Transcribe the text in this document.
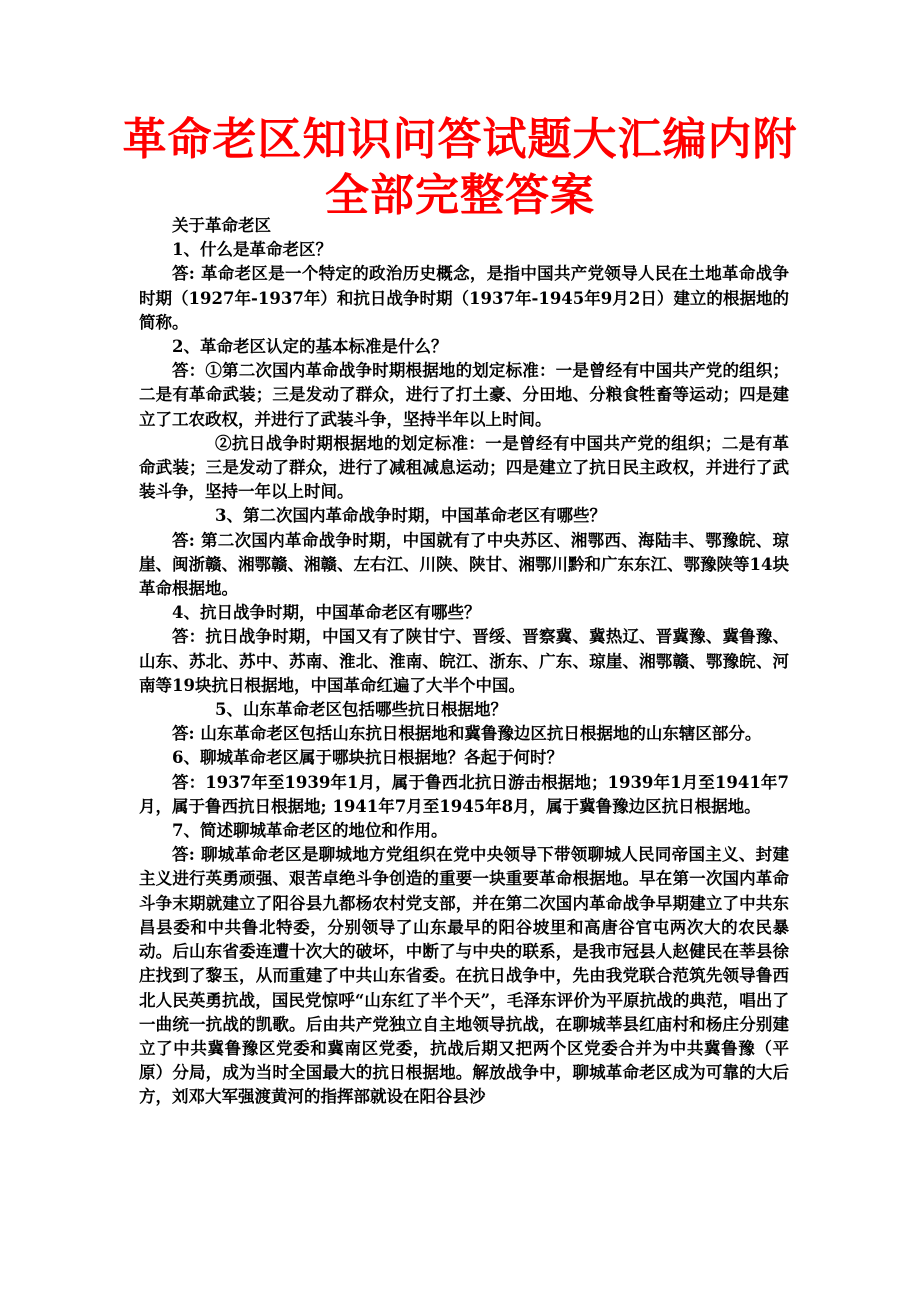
革命老区知识问答试题大汇编内附
全部完整答案

关于革命老区

1、什么是革命老区？

答: 革命老区是一个特定的政治历史概念，是指中国共产党领导人民在土地革命战争时期（1927年-1937年）和抗日战争时期（1937年-1945年9月2日）建立的根据地的简称。

2、革命老区认定的基本标准是什么？

答：①第二次国内革命战争时期根据地的划定标准：一是曾经有中国共产党的组织；二是有革命武装；三是发动了群众，进行了打土豪、分田地、分粮食牲畜等运动；四是建立了工农政权，并进行了武装斗争，坚持半年以上时间。

②抗日战争时期根据地的划定标准：一是曾经有中国共产党的组织；二是有革命武装；三是发动了群众，进行了减租减息运动；四是建立了抗日民主政权，并进行了武装斗争，坚持一年以上时间。

3、第二次国内革命战争时期，中国革命老区有哪些？

答: 第二次国内革命战争时期，中国就有了中央苏区、湘鄂西、海陆丰、鄂豫皖、琼崖、闽浙赣、湘鄂赣、湘赣、左右江、川陕、陕甘、湘鄂川黔和广东东江、鄂豫陕等14块革命根据地。

4、抗日战争时期，中国革命老区有哪些？

答：抗日战争时期，中国又有了陕甘宁、晋绥、晋察冀、冀热辽、晋冀豫、冀鲁豫、山东、苏北、苏中、苏南、淮北、淮南、皖江、浙东、广东、琼崖、湘鄂赣、鄂豫皖、河南等19块抗日根据地，中国革命红遍了大半个中国。

5、山东革命老区包括哪些抗日根据地？

答: 山东革命老区包括山东抗日根据地和冀鲁豫边区抗日根据地的山东辖区部分。

6、聊城革命老区属于哪块抗日根据地？各起于何时？

答：1937年至1939年1月，属于鲁西北抗日游击根据地；1939年1月至1941年7月，属于鲁西抗日根据地; 1941年7月至1945年8月，属于冀鲁豫边区抗日根据地。

7、简述聊城革命老区的地位和作用。

答: 聊城革命老区是聊城地方党组织在党中央领导下带领聊城人民同帝国主义、封建主义进行英勇顽强、艰苦卓绝斗争创造的重要一块重要革命根据地。早在第一次国内革命斗争末期就建立了阳谷县九都杨农村党支部，并在第二次国内革命战争早期建立了中共东昌县委和中共鲁北特委，分别领导了山东最早的阳谷坡里和高唐谷官屯两次大的农民暴动。后山东省委连遭十次大的破坏，中断了与中央的联系，是我市冠县人赵健民在莘县徐庄找到了黎玉，从而重建了中共山东省委。在抗日战争中，先由我党联合范筑先领导鲁西北人民英勇抗战，国民党惊呼“山东红了半个天”，毛泽东评价为平原抗战的典范，唱出了一曲统一抗战的凯歌。后由共产党独立自主地领导抗战，在聊城莘县红庙村和杨庄分别建立了中共冀鲁豫区党委和冀南区党委，抗战后期又把两个区党委合并为中共冀鲁豫（平原）分局，成为当时全国最大的抗日根据地。解放战争中，聊城革命老区成为可靠的大后方，刘邓大军强渡黄河的指挥部就设在阳谷县沙
